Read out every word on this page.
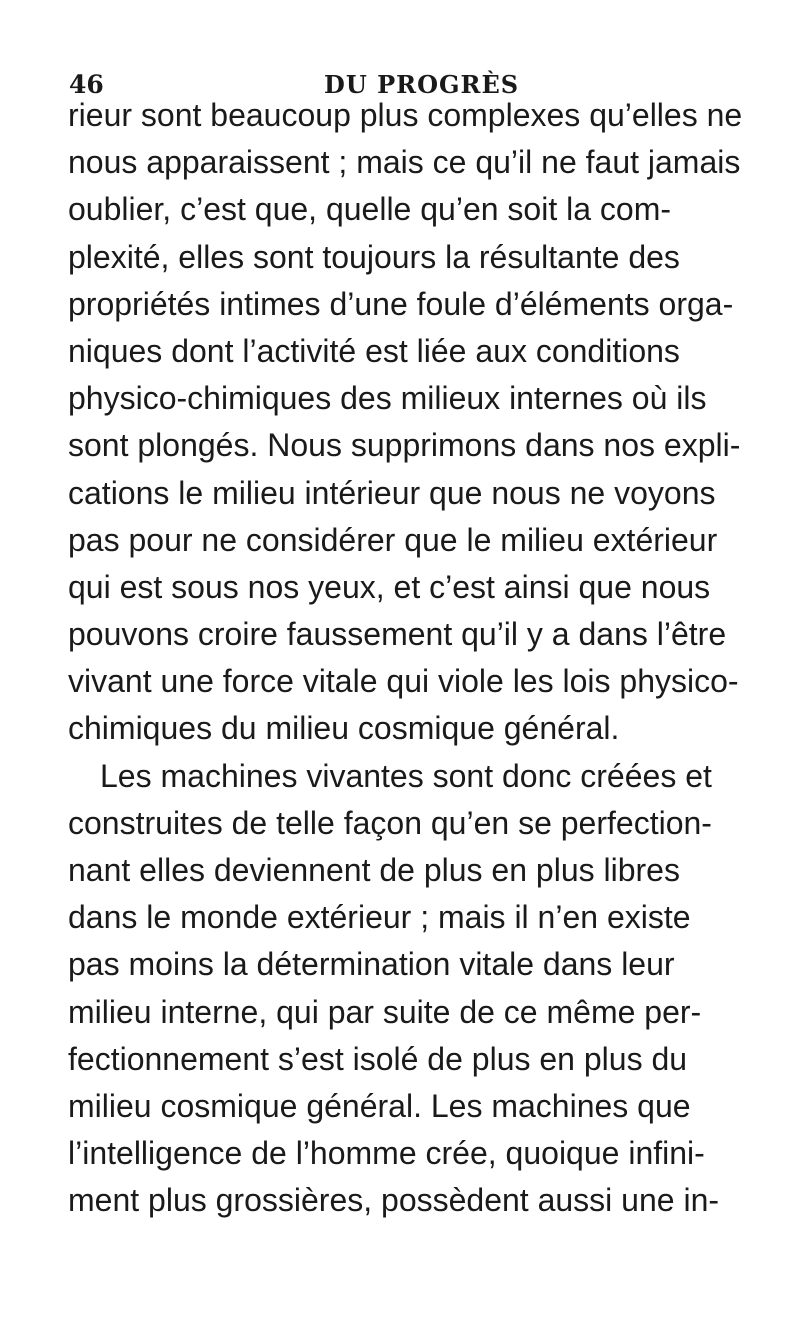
46	DU PROGRÈS
rieur sont beaucoup plus complexes qu’elles ne
nous apparaissent ; mais ce qu’il ne faut jamais
oublier, c’est que, quelle qu’en soit la com-
plexité, elles sont toujours la résultante des
propriétés intimes d’une foule d’éléments orga-
niques dont l’activité est liée aux conditions
physico-chimiques des milieux internes où ils
sont plongés. Nous supprimons dans nos expli-
cations le milieu intérieur que nous ne voyons
pas pour ne considérer que le milieu extérieur
qui est sous nos yeux, et c’est ainsi que nous
pouvons croire faussement qu’il y a dans l’être
vivant une force vitale qui viole les lois physico-
chimiques du milieu cosmique général.
Les machines vivantes sont donc créées et
construites de telle façon qu’en se perfection-
nant elles deviennent de plus en plus libres
dans le monde extérieur ; mais il n’en existe
pas moins la détermination vitale dans leur
milieu interne, qui par suite de ce même per-
fectionnement s’est isolé de plus en plus du
milieu cosmique général. Les machines que
l’intelligence de l’homme crée, quoique infini-
ment plus grossières, possèdent aussi une in-
